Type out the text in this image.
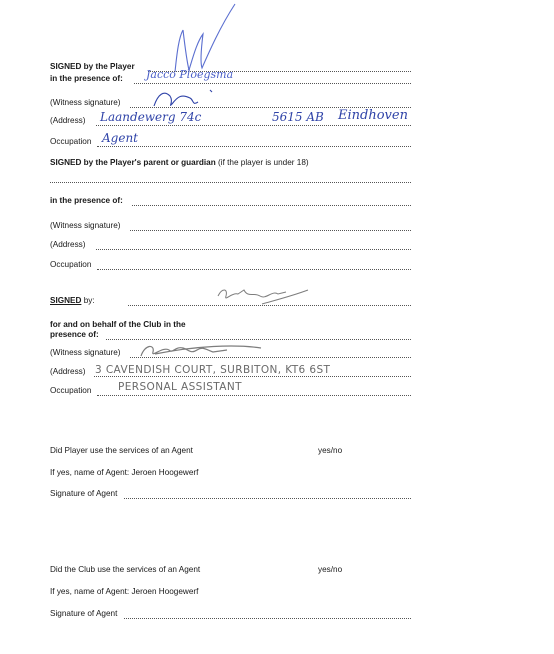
SIGNED by the Player
in the presence of: Jacco Ploegsma
(Witness signature)
(Address) Laandewerg 74c	5615 AB Eindhoven
Occupation Agent
SIGNED by the Player's parent or guardian (if the player is under 18)
in the presence of:
(Witness signature)
(Address)
Occupation
SIGNED by:
for and on behalf of the Club in the
presence of:
(Witness signature)
(Address) 3 CAVENDISH COURT, SURBITON, KT6 6ST
Occupation	PERSONAL ASSISTANT
Did Player use the services of an Agent	yes/no
If yes, name of Agent: Jeroen Hoogewerf
Signature of Agent
Did the Club use the services of an Agent	yes/no
If yes, name of Agent: Jeroen Hoogewerf
Signature of Agent
